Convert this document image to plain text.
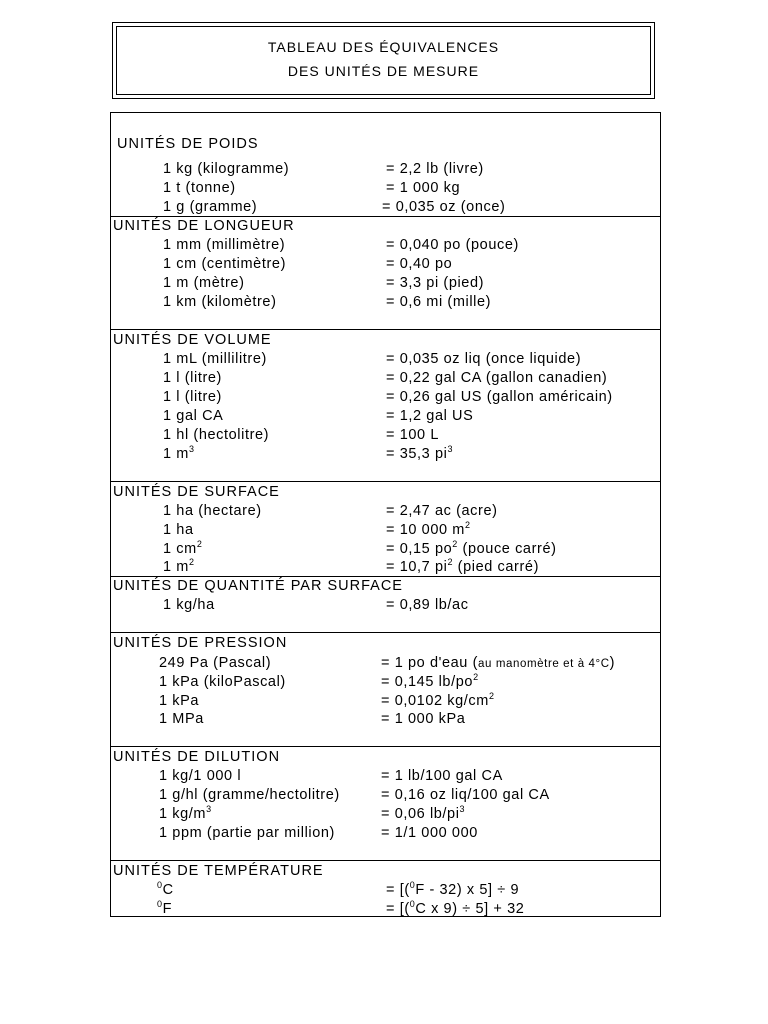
TABLEAU DES ÉQUIVALENCES
DES UNITÉS DE MESURE
UNITÉS DE POIDS
1 kg (kilogramme)	= 2,2 lb (livre)
1 t (tonne)	= 1 000 kg
1 g (gramme)	= 0,035 oz (once)
UNITÉS DE LONGUEUR
1 mm (millimètre)	= 0,040 po (pouce)
1 cm (centimètre)	= 0,40 po
1 m (mètre)	= 3,3 pi (pied)
1 km (kilomètre)	= 0,6 mi (mille)
UNITÉS DE VOLUME
1 mL (millilitre)	= 0,035 oz liq (once liquide)
1 l (litre)	= 0,22 gal CA (gallon canadien)
1 l (litre)	= 0,26 gal US (gallon américain)
1 gal CA	= 1,2 gal US
1 hl (hectolitre)	= 100 L
1 $m^3$	= 35,3 $pi^3$
UNITÉS DE SURFACE
1 ha (hectare)	= 2,47 ac (acre)
1 ha	= 10 000 $m^2$
1 $cm^2$	= 0,15 $po^2$ (pouce carré)
1 $m^2$	= 10,7 $pi^2$ (pied carré)
UNITÉS DE QUANTITÉ PAR SURFACE
1 kg/ha	= 0,89 lb/ac
UNITÉS DE PRESSION
249 Pa (Pascal)	= 1 po d'eau (au manomètre et à 4°C)
1 kPa (kiloPascal)	= 0,145 $lb/po^2$
1 kPa	= 0,0102 $kg/cm^2$
1 MPa	= 1 000 kPa
UNITÉS DE DILUTION
1 kg/1 000 l	= 1 lb/100 gal CA
1 g/hl (gramme/hectolitre)	= 0,16 oz liq/100 gal CA
1 $kg/m^3$	= 0,06 $lb/pi^3$
1 ppm (partie par million)	= 1/1 000 000
UNITÉS DE TEMPÉRATURE
$^0$C	= [($^0$F - 32) x 5] ÷ 9
$^0$F	= [($^0$C x 9) ÷ 5] + 32
